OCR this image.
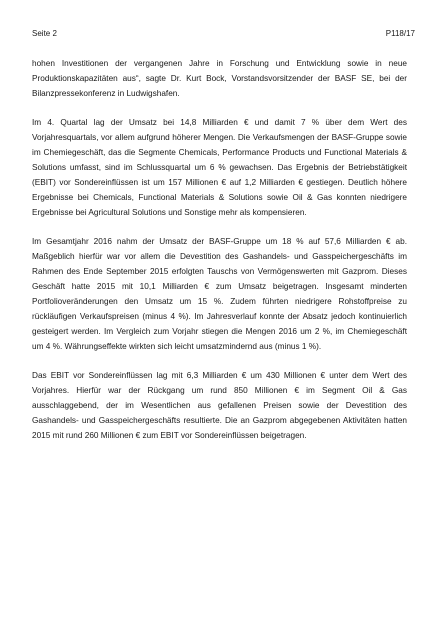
Seite 2	P118/17

hohen Investitionen der vergangenen Jahre in Forschung und Entwicklung sowie in neue Produktionskapazitäten aus“, sagte Dr. Kurt Bock, Vorstandsvorsitzender der BASF SE, bei der Bilanzpressekonferenz in Ludwigshafen.

Im 4. Quartal lag der Umsatz bei 14,8 Milliarden € und damit 7 % über dem Wert des Vorjahresquartals, vor allem aufgrund höherer Mengen. Die Verkaufsmengen der BASF-Gruppe sowie im Chemiegeschäft, das die Segmente Chemicals, Performance Products und Functional Materials & Solutions umfasst, sind im Schlussquartal um 6 % gewachsen. Das Ergebnis der Betriebstätigkeit (EBIT) vor Sondereinflüssen ist um 157 Millionen € auf 1,2 Milliarden € gestiegen. Deutlich höhere Ergebnisse bei Chemicals, Functional Materials & Solutions sowie Oil & Gas konnten niedrigere Ergebnisse bei Agricultural Solutions und Sonstige mehr als kompensieren.

Im Gesamtjahr 2016 nahm der Umsatz der BASF-Gruppe um 18 % auf 57,6 Milliarden € ab. Maßgeblich hierfür war vor allem die Devestition des Gashandels- und Gasspeichergeschäfts im Rahmen des Ende September 2015 erfolgten Tauschs von Vermögenswerten mit Gazprom. Dieses Geschäft hatte 2015 mit 10,1 Milliarden € zum Umsatz beigetragen. Insgesamt minderten Portfolioveränderungen den Umsatz um 15 %. Zudem führten niedrigere Rohstoffpreise zu rückläufigen Verkaufspreisen (minus 4 %). Im Jahresverlauf konnte der Absatz jedoch kontinuierlich gesteigert werden. Im Vergleich zum Vorjahr stiegen die Mengen 2016 um 2 %, im Chemiegeschäft um 4 %. Währungseffekte wirkten sich leicht umsatzmindernd aus (minus 1 %).

Das EBIT vor Sondereinflüssen lag mit 6,3 Milliarden € um 430 Millionen € unter dem Wert des Vorjahres. Hierfür war der Rückgang um rund 850 Millionen € im Segment Oil & Gas ausschlaggebend, der im Wesentlichen aus gefallenen Preisen sowie der Devestition des Gashandels- und Gasspeichergeschäfts resultierte. Die an Gazprom abgegebenen Aktivitäten hatten 2015 mit rund 260 Millionen € zum EBIT vor Sondereinflüssen beigetragen.
